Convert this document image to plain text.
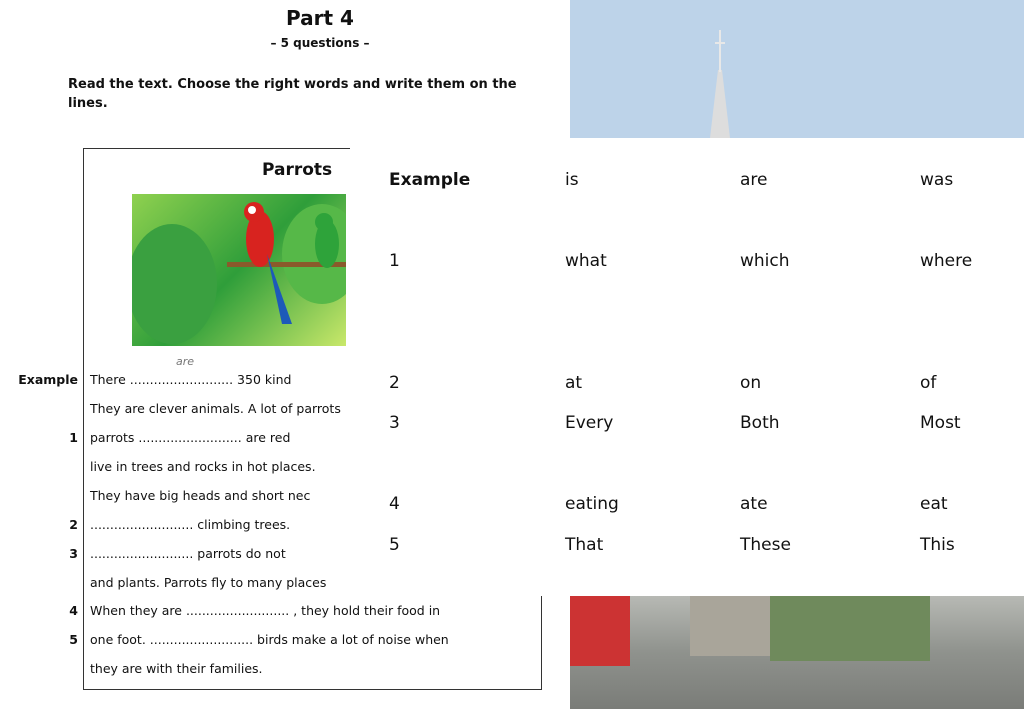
Part 4
– 5 questions –
Read the text. Choose the right words and write them on the lines.
Parrots
Example
are
There .......................... 350 kind
They are clever animals. A lot of parrots
1 parrots .......................... are red
live in trees and rocks in hot places.
They have big heads and short nec
2 .......................... climbing trees.
3 .......................... parrots do not
and plants. Parrots fly to many places
4 When they are .......................... , they hold their food in
5 one foot. .......................... birds make a lot of noise when
they are with their families.
Example	is	are	was
1	what	which	where
2	at	on	of
3	Every	Both	Most
4	eating	ate	eat
5	That	These	This
